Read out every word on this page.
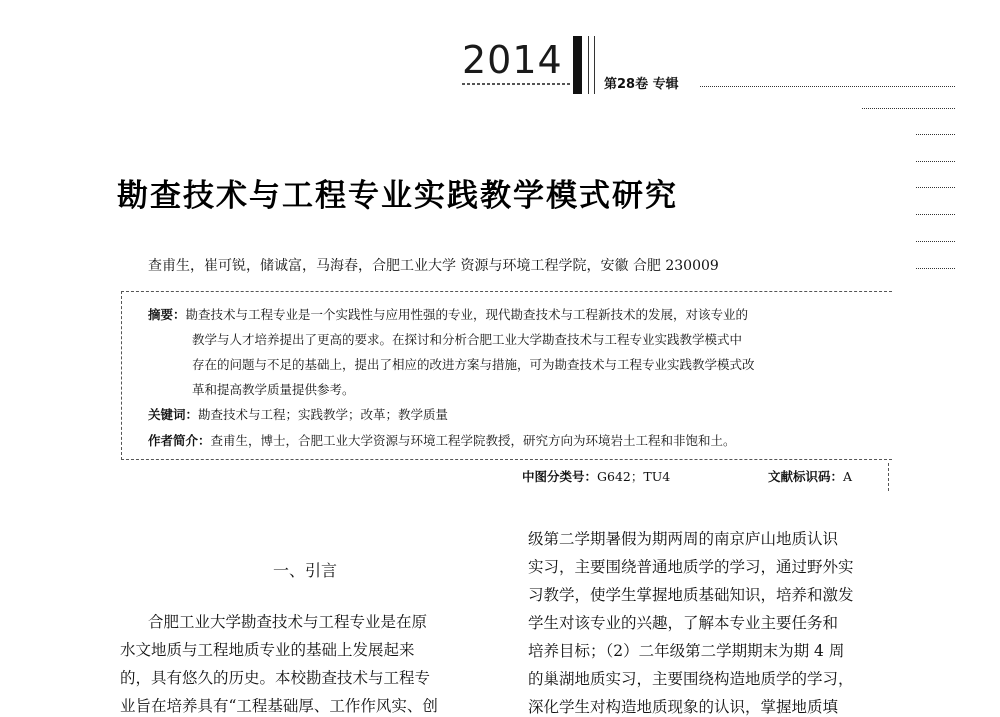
2014
第28卷 专辑
勘查技术与工程专业实践教学模式研究
查甫生，崔可锐，储诚富，马海春，合肥工业大学 资源与环境工程学院，安徽 合肥 230009
摘要：勘查技术与工程专业是一个实践性与应用性强的专业，现代勘查技术与工程新技术的发展，对该专业的
教学与人才培养提出了更高的要求。在探讨和分析合肥工业大学勘查技术与工程专业实践教学模式中
存在的问题与不足的基础上，提出了相应的改进方案与措施，可为勘查技术与工程专业实践教学模式改
革和提高教学质量提供参考。
关键词：勘查技术与工程；实践教学；改革；教学质量
作者简介：查甫生，博士，合肥工业大学资源与环境工程学院教授，研究方向为环境岩土工程和非饱和土。
中图分类号：G642；TU4	文献标识码：A
一、引言
合肥工业大学勘查技术与工程专业是在原
水文地质与工程地质专业的基础上发展起来
的，具有悠久的历史。本校勘查技术与工程专
业旨在培养具有“工程基础厚、工作作风实、创
级第二学期暑假为期两周的南京庐山地质认识
实习，主要围绕普通地质学的学习，通过野外实
习教学，使学生掌握地质基础知识，培养和激发
学生对该专业的兴趣，了解本专业主要任务和
培养目标；（2）二年级第二学期期末为期 4 周
的巢湖地质实习，主要围绕构造地质学的学习，
深化学生对构造地质现象的认识，掌握地质填
